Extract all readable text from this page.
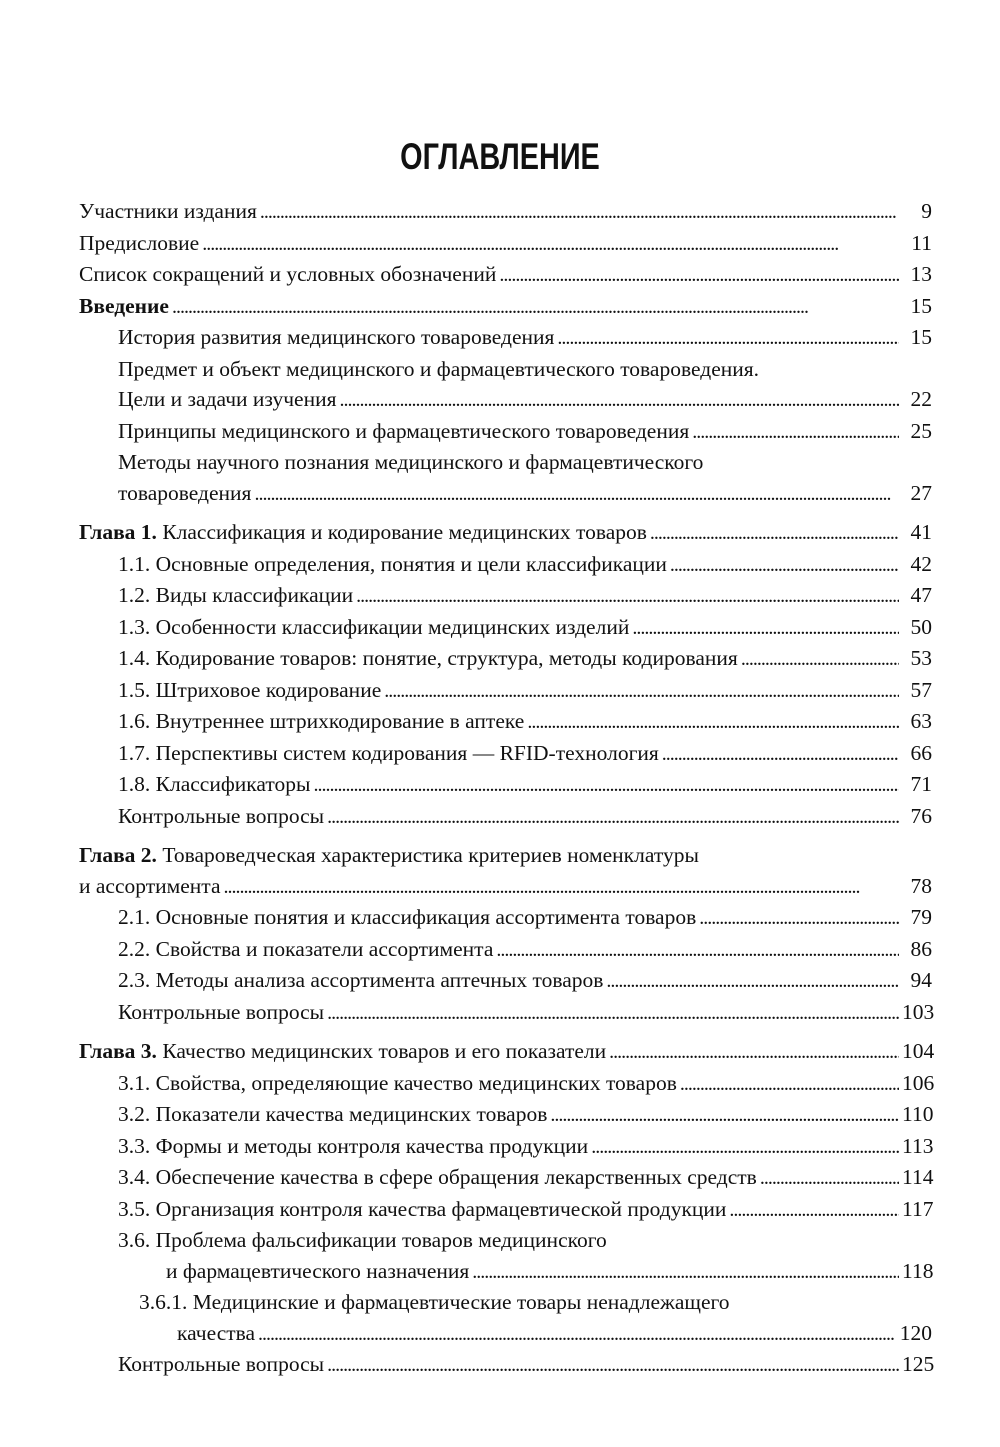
ОГЛАВЛЕНИЕ
Участники издания . . .	9
Предисловие . . .	11
Список сокращений и условных обозначений . . .	13
Введение . . .	15
История развития медицинского товароведения . . .	15
Предмет и объект медицинского и фармацевтического товароведения.
Цели и задачи изучения . . .	22
Принципы медицинского и фармацевтического товароведения . . .	25
Методы научного познания медицинского и фармацевтического
товароведения . . .	27
Глава 1. Классификация и кодирование медицинских товаров . . .	41
1.1. Основные определения, понятия и цели классификации . . .	42
1.2. Виды классификации . . .	47
1.3. Особенности классификации медицинских изделий . . .	50
1.4. Кодирование товаров: понятие, структура, методы кодирования . . .	53
1.5. Штриховое кодирование . . .	57
1.6. Внутреннее штрихкодирование в аптеке . . .	63
1.7. Перспективы систем кодирования — RFID-технология . . .	66
1.8. Классификаторы . . .	71
Контрольные вопросы . . .	76
Глава 2. Товароведческая характеристика критериев номенклатуры
и ассортимента . . .	78
2.1. Основные понятия и классификация ассортимента товаров . . .	79
2.2. Свойства и показатели ассортимента . . .	86
2.3. Методы анализа ассортимента аптечных товаров . . .	94
Контрольные вопросы . . .	103
Глава 3. Качество медицинских товаров и его показатели . . .	104
3.1. Свойства, определяющие качество медицинских товаров . . .	106
3.2. Показатели качества медицинских товаров . . .	110
3.3. Формы и методы контроля качества продукции . . .	113
3.4. Обеспечение качества в сфере обращения лекарственных средств . . .	114
3.5. Организация контроля качества фармацевтической продукции . . .	117
3.6. Проблема фальсификации товаров медицинского
и фармацевтического назначения . . .	118
3.6.1. Медицинские и фармацевтические товары ненадлежащего
качества . . .	120
Контрольные вопросы . . .	125
